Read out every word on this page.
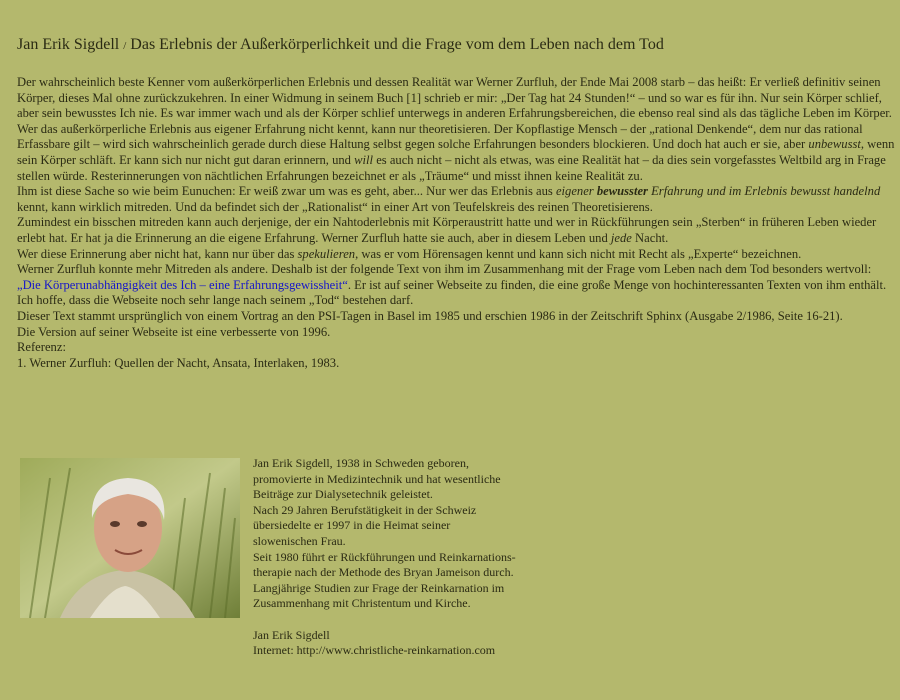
Jan Erik Sigdell / Das Erlebnis der Außerkörperlichkeit und die Frage vom dem Leben nach dem Tod

Der wahrscheinlich beste Kenner vom außerkörperlichen Erlebnis und dessen Realität war Werner Zurfluh, der Ende Mai 2008 starb – das heißt: Er verließ definitiv seinen Körper, dieses Mal ohne zurückzukehren. In einer Widmung in seinem Buch [1] schrieb er mir: „Der Tag hat 24 Stunden!“ – und so war es für ihn. Nur sein Körper schlief, aber sein bewusstes Ich nie. Es war immer wach und als der Körper schlief unterwegs in anderen Erfahrungsbereichen, die ebenso real sind als das tägliche Leben im Körper.

Wer das außerkörperliche Erlebnis aus eigener Erfahrung nicht kennt, kann nur theoretisieren. Der Kopflastige Mensch – der „rational Denkende“, dem nur das rational Erfassbare gilt – wird sich wahrscheinlich gerade durch diese Haltung selbst gegen solche Erfahrungen besonders blockieren. Und doch hat auch er sie, aber unbewusst, wenn sein Körper schläft. Er kann sich nur nicht gut daran erinnern, und will es auch nicht – nicht als etwas, was eine Realität hat – da dies sein vorgefasstes Weltbild arg in Frage stellen würde. Resterinnerungen von nächtlichen Erfahrungen bezeichnet er als „Träume“ und misst ihnen keine Realität zu.

Ihm ist diese Sache so wie beim Eunuchen: Er weiß zwar um was es geht, aber... Nur wer das Erlebnis aus eigener bewusster Erfahrung und im Erlebnis bewusst handelnd kennt, kann wirklich mitreden. Und da befindet sich der „Rationalist“ in einer Art von Teufelskreis des reinen Theoretisierens.

Zumindest ein bisschen mitreden kann auch derjenige, der ein Nahtoderlebnis mit Körperaustritt hatte und wer in Rückführungen sein „Sterben“ in früheren Leben wieder erlebt hat. Er hat ja die Erinnerung an die eigene Erfahrung. Werner Zurfluh hatte sie auch, aber in diesem Leben und jede Nacht.

Wer diese Erinnerung aber nicht hat, kann nur über das spekulieren, was er vom Hörensagen kennt und kann sich nicht mit Recht als „Experte“ bezeichnen.

Werner Zurfluh konnte mehr Mitreden als andere. Deshalb ist der folgende Text von ihm im Zusammenhang mit der Frage vom Leben nach dem Tod besonders wertvoll: „Die Körperunabhängigkeit des Ich – eine Erfahrungsgewissheit“. Er ist auf seiner Webseite zu finden, die eine große Menge von hochinteressanten Texten von ihm enthält. Ich hoffe, dass die Webseite noch sehr lange nach seinem „Tod“ bestehen darf.

Dieser Text stammt ursprünglich von einem Vortrag an den PSI-Tagen in Basel im 1985 und erschien 1986 in der Zeitschrift Sphinx (Ausgabe 2/1986, Seite 16-21).

Die Version auf seiner Webseite ist eine verbesserte von 1996.

Referenz:

1. Werner Zurfluh: Quellen der Nacht, Ansata, Interlaken, 1983.

Jan Erik Sigdell, 1938 in Schweden geboren,

promovierte in Medizintechnik und hat wesentliche

Beiträge zur Dialysetechnik geleistet.

Nach 29 Jahren Berufstätigkeit in der Schweiz

übersiedelte er 1997 in die Heimat seiner

slowenischen Frau.

Seit 1980 führt er Rückführungen und Reinkarnations-

therapie nach der Methode des Bryan Jameison durch.

Langjährige Studien zur Frage der Reinkarnation im

Zusammenhang mit Christentum und Kirche.

Jan Erik Sigdell

Internet: http://www.christliche-reinkarnation.com
